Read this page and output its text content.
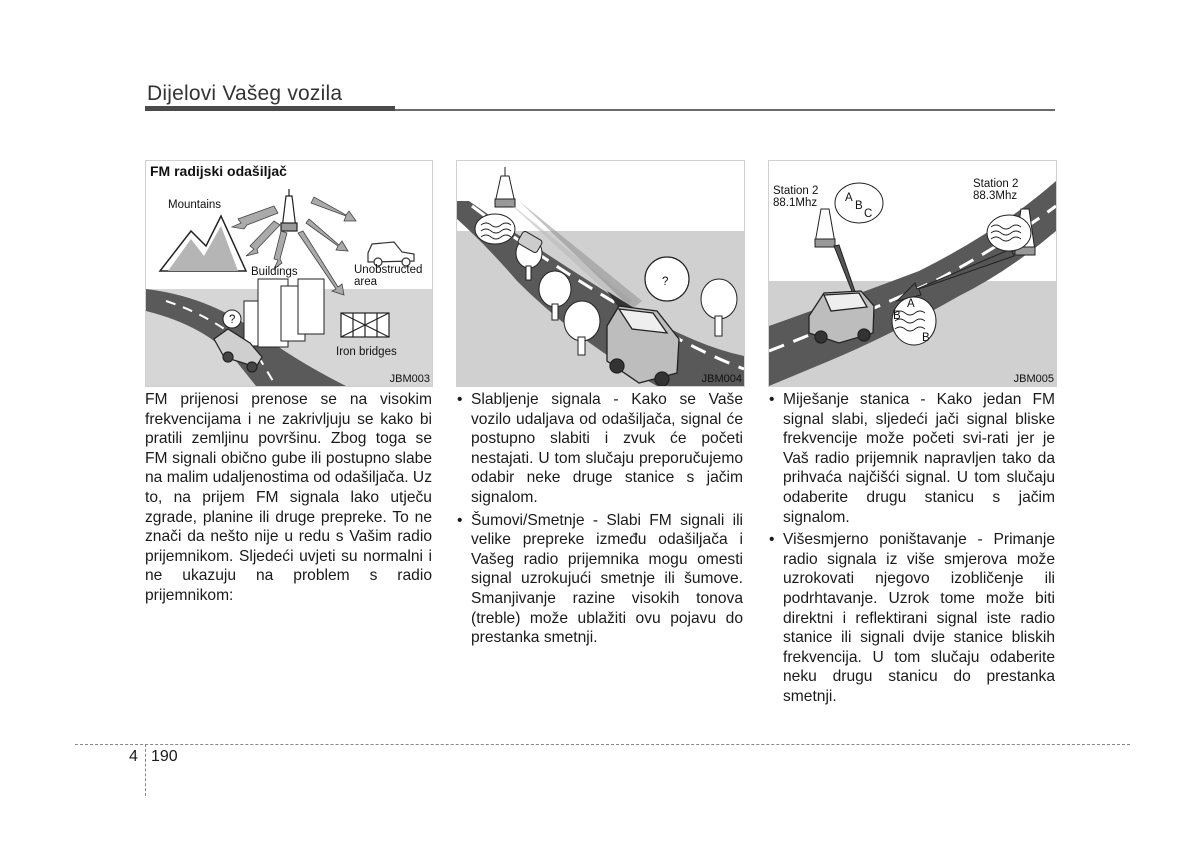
Dijelovi Vašeg vozila
?
Mountains
Buildings	Unobstructed area
Iron bridges
FM radijski odašiljač
JBM003
?
JBM004
Station 2
88.1Mhz
Station 2
88.3Mhz
A
B
C
A
B
B
JBM005

FM prijenosi prenose se na visokim frekvencijama i ne zakrivljuju se kako bi pratili zemljinu površinu. Zbog toga se FM signali obično gube ili postupno slabe na malim udaljenostima od odašiljača. Uz to, na prijem FM signala lako utječu zgrade, planine ili druge prepreke. To ne znači da nešto nije u redu s Vašim radio prijemnikom. Sljedeći uvjeti su normalni i ne ukazuju na problem s radio prijemnikom:

• Slabljenje signala - Kako se Vaše vozilo udaljava od odašiljača, signal će postupno slabiti i zvuk će početi nestajati. U tom slučaju preporučujemo odabir neke druge stanice s jačim signalom.
• Šumovi/Smetnje - Slabi FM signali ili velike prepreke između odašiljača i Vašeg radio prijemnika mogu omesti signal uzrokujući smetnje ili šumove. Smanjivanje razine visokih tonova (treble) može ublažiti ovu pojavu do prestanka smetnji.
• Miješanje stanica - Kako jedan FM signal slabi, sljedeći jači signal bliske frekvencije može početi svi-rati jer je Vaš radio prijemnik napravljen tako da prihvaća najčišći signal. U tom slučaju odaberite drugu stanicu s jačim signalom.
• Višesmjerno poništavanje - Primanje radio signala iz više smjerova može uzrokovati njegovo izobličenje ili podrhtavanje. Uzrok tome može biti direktni i reflektirani signal iste radio stanice ili signali dvije stanice bliskih frekvencija. U tom slučaju odaberite neku drugu stanicu do prestanka smetnji.
4 190
